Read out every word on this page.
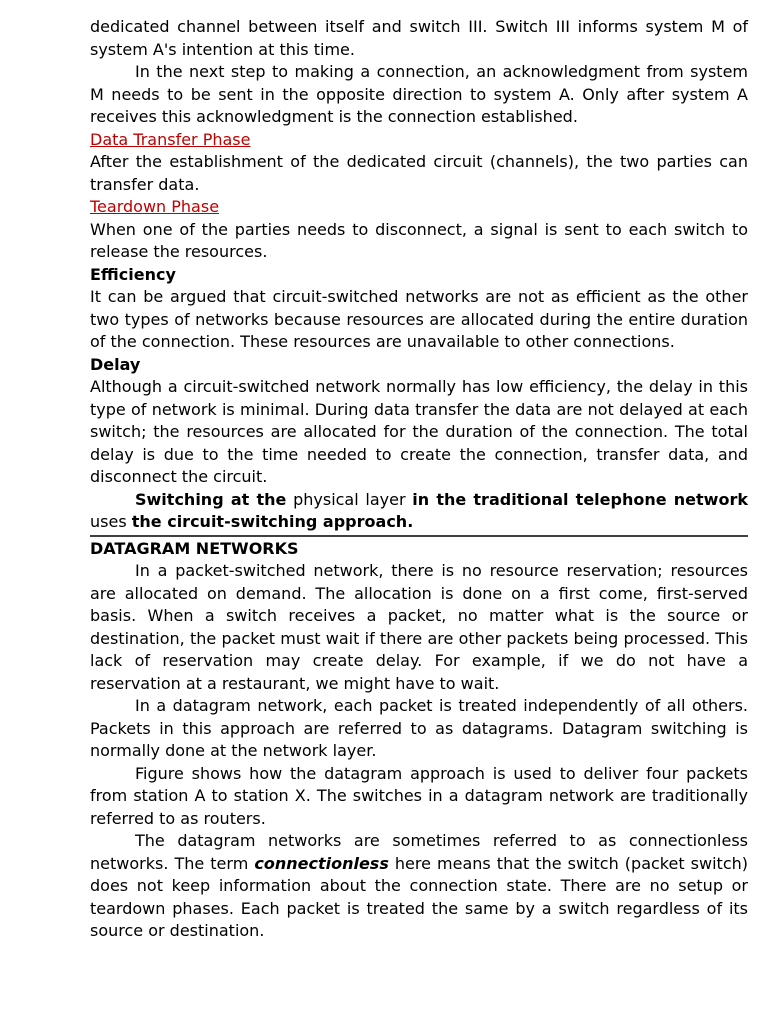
dedicated channel between itself and switch III. Switch III informs system M of system A's intention at this time.

In the next step to making a connection, an acknowledgment from system M needs to be sent in the opposite direction to system A. Only after system A receives this acknowledgment is the connection established.

Data Transfer Phase

After the establishment of the dedicated circuit (channels), the two parties can transfer data.

Teardown Phase

When one of the parties needs to disconnect, a signal is sent to each switch to release the resources.

Efficiency

It can be argued that circuit-switched networks are not as efficient as the other two types of networks because resources are allocated during the entire duration of the connection. These resources are unavailable to other connections.

Delay

Although a circuit-switched network normally has low efficiency, the delay in this type of network is minimal. During data transfer the data are not delayed at each switch; the resources are allocated for the duration of the connection. The total delay is due to the time needed to create the connection, transfer data, and disconnect the circuit.

Switching at the physical layer in the traditional telephone network uses the circuit-switching approach.

DATAGRAM NETWORKS

In a packet-switched network, there is no resource reservation; resources are allocated on demand. The allocation is done on a first come, first-served basis. When a switch receives a packet, no matter what is the source or destination, the packet must wait if there are other packets being processed. This lack of reservation may create delay. For example, if we do not have a reservation at a restaurant, we might have to wait.

In a datagram network, each packet is treated independently of all others. Packets in this approach are referred to as datagrams. Datagram switching is normally done at the network layer.

Figure shows how the datagram approach is used to deliver four packets from station A to station X. The switches in a datagram network are traditionally referred to as routers.

The datagram networks are sometimes referred to as connectionless networks. The term connectionless here means that the switch (packet switch) does not keep information about the connection state. There are no setup or teardown phases. Each packet is treated the same by a switch regardless of its source or destination.
